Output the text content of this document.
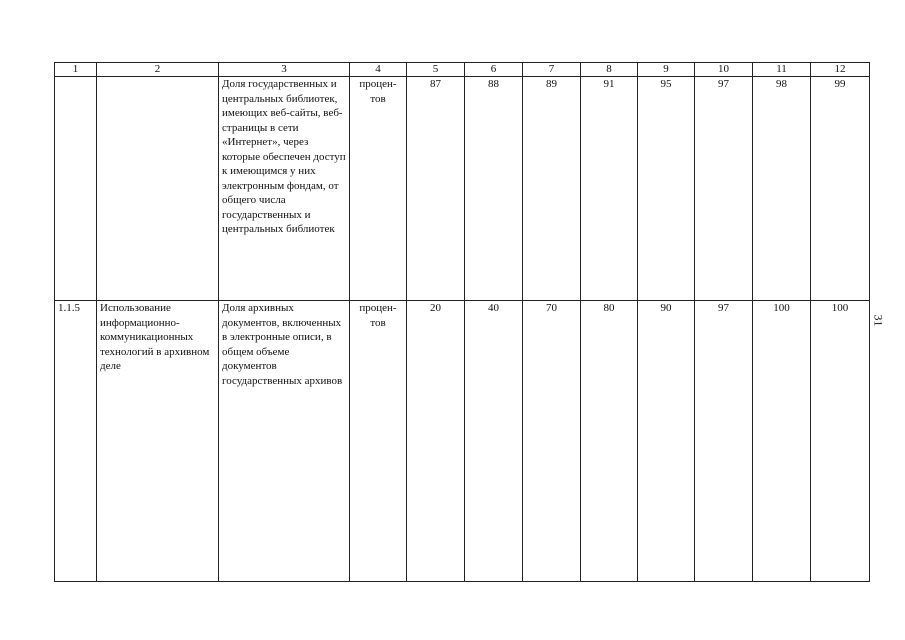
1	2	3	4	5	6	7	8	9	10	11	12
		Доля государственных и центральных библиотек, имеющих веб-сайты, веб-страницы в сети «Интернет», через которые обеспечен доступ к имеющимся у них электронным фондам, от общего числа государственных и центральных библиотек	процен-тов	87	88	89	91	95	97	98	99
1.1.5	Использование информационно-коммуникационных технологий в архивном деле	Доля архивных документов, включенных в электронные описи, в общем объеме документов государственных архивов	процен-тов	20	40	70	80	90	97	100	100
31
